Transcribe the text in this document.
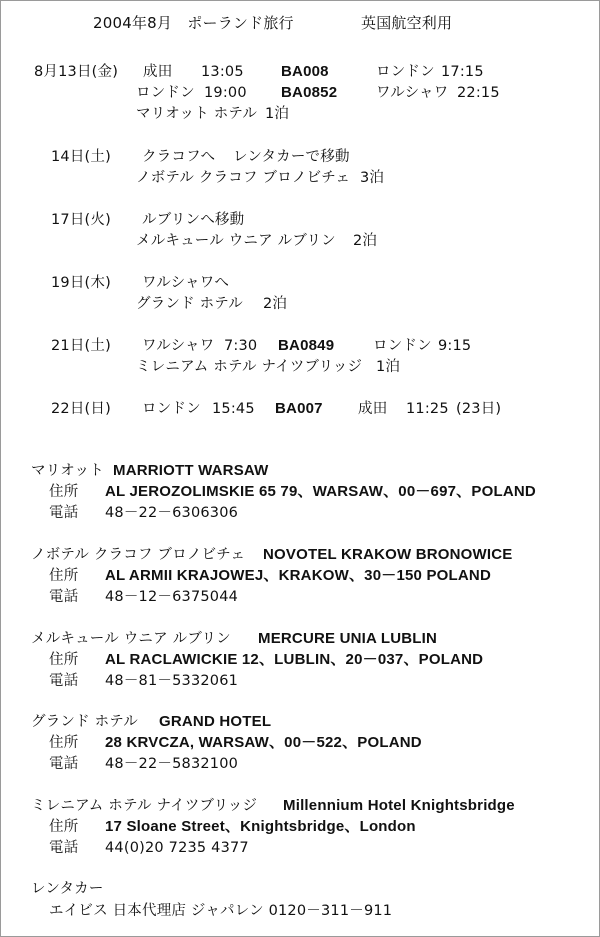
2004年8月　ポーランド旅行	英国航空利用
8月13日(金) 成田 13:05 BA008	ロンドン 17:15
ロンドン 19:00 BA0852	ワルシャワ 22:15
マリオット ホテル 1泊
14日(土) クラコフへ レンタカーで移動
ノボテル クラコフ ブロノビチェ 3泊
17日(火) ルブリンへ移動
メルキュール ウニア ルブリン 2泊
19日(木) ワルシャワへ
グランド ホテル 2泊
21日(土) ワルシャワ 7:30 BA0849	ロンドン 9:15
ミレニアム ホテル ナイツブリッジ 1泊
22日(日) ロンドン 15:45 BA007 成田 11:25 (23日)
マリオット MARRIOTT WARSAW
住所 AL JEROZOLIMSKIE 65 79、WARSAW、00－697、POLAND
電話 48－22－6306306
ノボテル クラコフ ブロノビチェ NOVOTEL KRAKOW BRONOWICE
住所 AL ARMII KRAJOWEJ、KRAKOW、30－150 POLAND
電話 48－12－6375044
メルキュール ウニア ルブリン MERCURE UNIA LUBLIN
住所 AL RACLAWICKIE 12、LUBLIN、20－037、POLAND
電話 48－81－5332061
グランド ホテル GRAND HOTEL
住所 28 KRVCZA, WARSAW、00－522、POLAND
電話 48－22－5832100
ミレニアム ホテル ナイツブリッジ Millennium Hotel Knightsbridge
住所 17 Sloane Street、Knightsbridge、London
電話 44(0)20 7235 4377
レンタカー
エイビス 日本代理店 ジャパレン 0120－311－911
